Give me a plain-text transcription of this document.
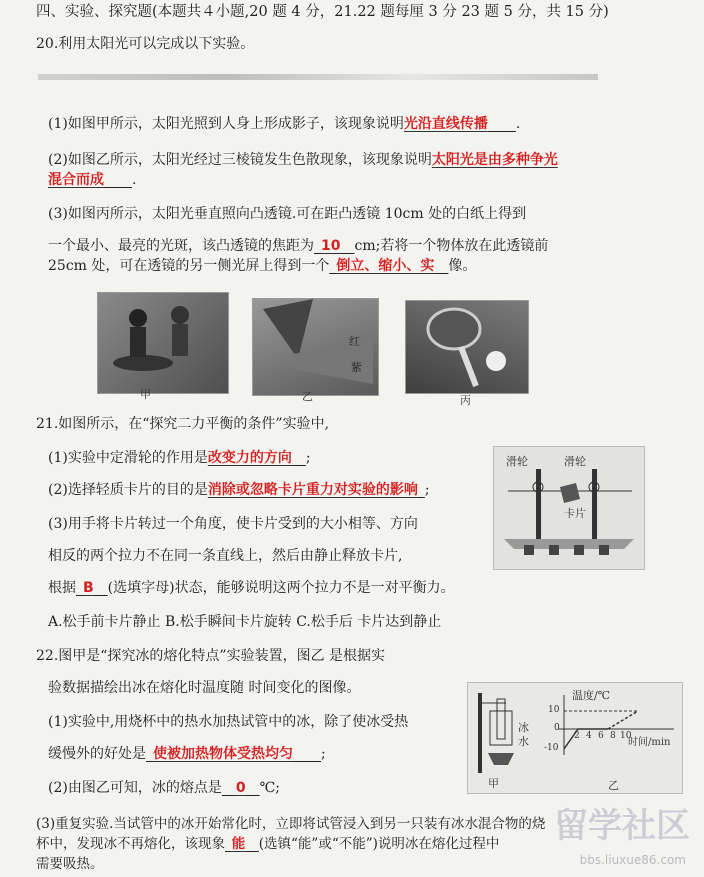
四、实验、探究题(本题共４小题,20 题 4 分，21.22 题每厘 3 分 23 题 5 分，共 15 分)
20.利用太阳光可以完成以下实验。
(1)如图甲所示，太阳光照到人身上形成影子，该现象说明光沿直线传播   .
(2)如图乙所示，太阳光经过三棱镜发生色散现象，该现象说明太阳光是由多种争光
混合而成   .
(3)如图丙所示，太阳光垂直照向凸透镜.可在距凸透镜 10cm 处的白纸上得到
一个最小、最亮的光斑，该凸透镜的焦距为  10   cm;若将一个物体放在此透镜前
25cm 处，可在透镜的另一侧光屏上得到一个  倒立、缩小、实  像。
甲
红
紫
乙	丙
21.如图所示，在“探究二力平衡的条件”实验中,
(1)实验中定滑轮的作用是改变力的方向  ;
(2)选择轻质卡片的目的是消除或忽略卡片重力对实验的影响  ;
(3)用手将卡片转过一个角度，使卡片受到的大小相等、方向
相反的两个拉力不在同一条直线上，然后由静止释放卡片,
根据  B   (选填字母)状态，能够说明这两个拉力不是一对平衡力。
A.松手前卡片静止 B.松手瞬间卡片旋转 C.松手后 卡片达到静止
滑轮	滑轮
卡片
22.图甲是“探究冰的熔化特点”实验装置，图乙 是根据实
验数据描绘出冰在熔化时温度随 时间变化的图像。
(1)实验中,用烧杯中的热水加热试管中的冰，除了使冰受热
缓慢外的好处是  使被加热物体受热均匀   ;
(2)由图乙可知，冰的熔点是  0  ℃;
(3)重复实验.当试管中的冰开始常化时，立即将试管浸入到另一只装有冰水混合物的烧
杯中，发现冰不再熔化，该现象  能   (选镇“能”或“不能”)说明冰在熔化过程中
需要吸热。
冰
水
甲	乙
温度/℃
时间/min
10
0
-10
2 4 6 8 10
留学社区
bbs.liuxue86.com
